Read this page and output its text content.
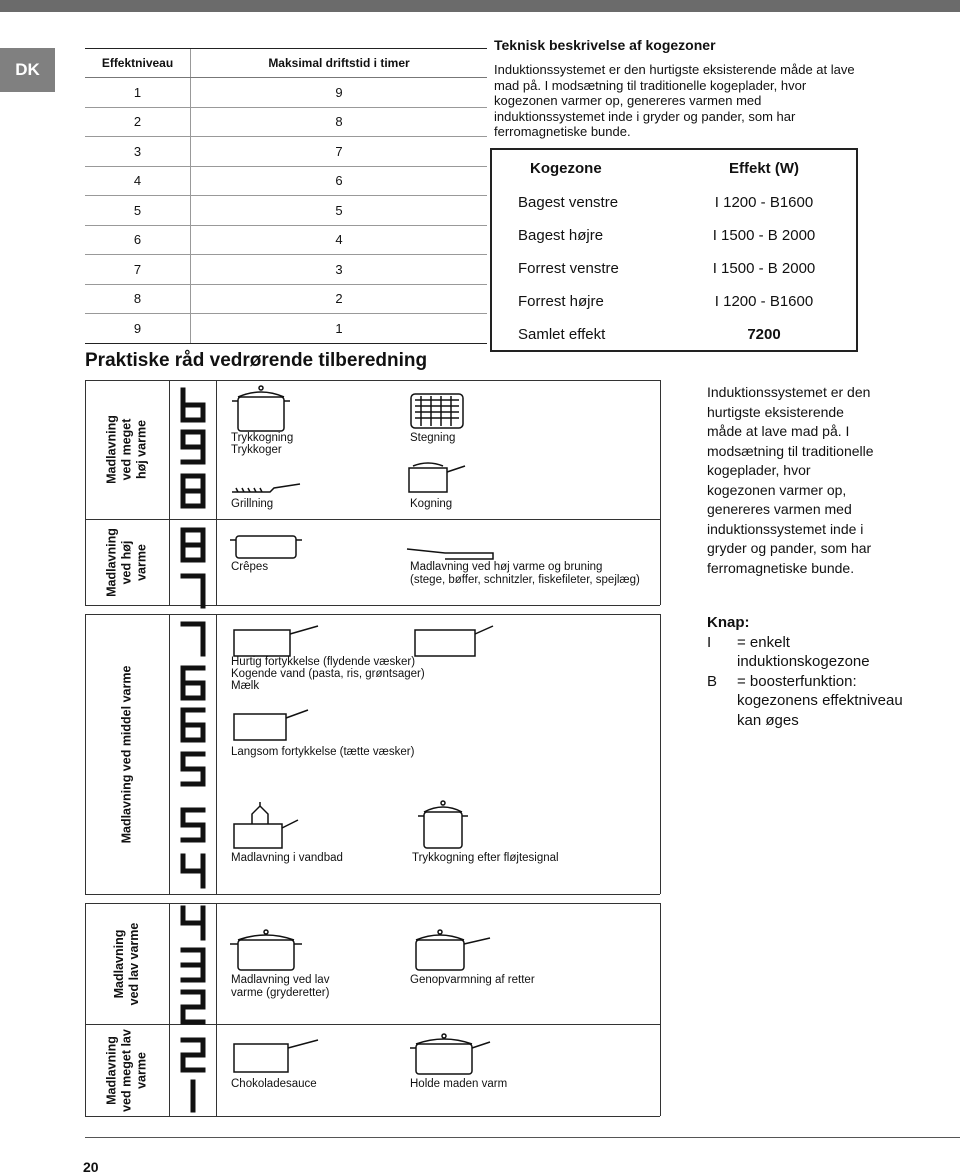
DK	Effektniveau	Maksimal driftstid i timer
1	9
2	8
3	7
4	6
5	5
6	4
7	3
8	2
9	1
Praktiske råd vedrørende tilberedning
Teknisk beskrivelse af kogezoner
Induktionssystemet er den hurtigste eksisterende måde at lave mad på. I modsætning til traditionelle kogeplader, hvor kogezonen varmer op, genereres varmen med induktionssystemet inde i gryder og pander, som har ferromagnetiske bunde.
Kogezone	Effekt (W)
Bagest venstre	I 1200 - B1600
Bagest højre	I 1500 - B 2000
Forrest venstre	I 1500 - B 2000
Forrest højre	I 1200 - B1600
Samlet effekt	7200
Induktionssystemet er den hurtigste eksisterende måde at lave mad på. I modsætning til traditionelle kogeplader, hvor kogezonen varmer op, genereres varmen med induktionssystemet inde i gryder og pander, som har ferromagnetiske bunde.
Knap:
I	= enkelt induktionskogezone
B	= boosterfunktion: kogezonens effektniveau kan øges
Madlavning ved meget høj varme
Madlavning ved høj varme
Madlavning ved middel varme
Madlavning ved lav varme
Madlavning ved meget lav varme
Trykkogning
Trykkoger
Stegning
Grillning	Kogning
Crêpes	Madlavning ved høj varme og bruning
(stege, bøffer, schnitzler, fiskefileter, spejlæg)
Hurtig fortykkelse (flydende væsker)
Kogende vand (pasta, ris, grøntsager)
Mælk
Langsom fortykkelse (tætte væsker)
Madlavning i vandbad	Trykkogning efter fløjtesignal
Madlavning ved lav
varme (gryderetter)
Genopvarmning af retter
Chokoladesauce	Holde maden varm
20
